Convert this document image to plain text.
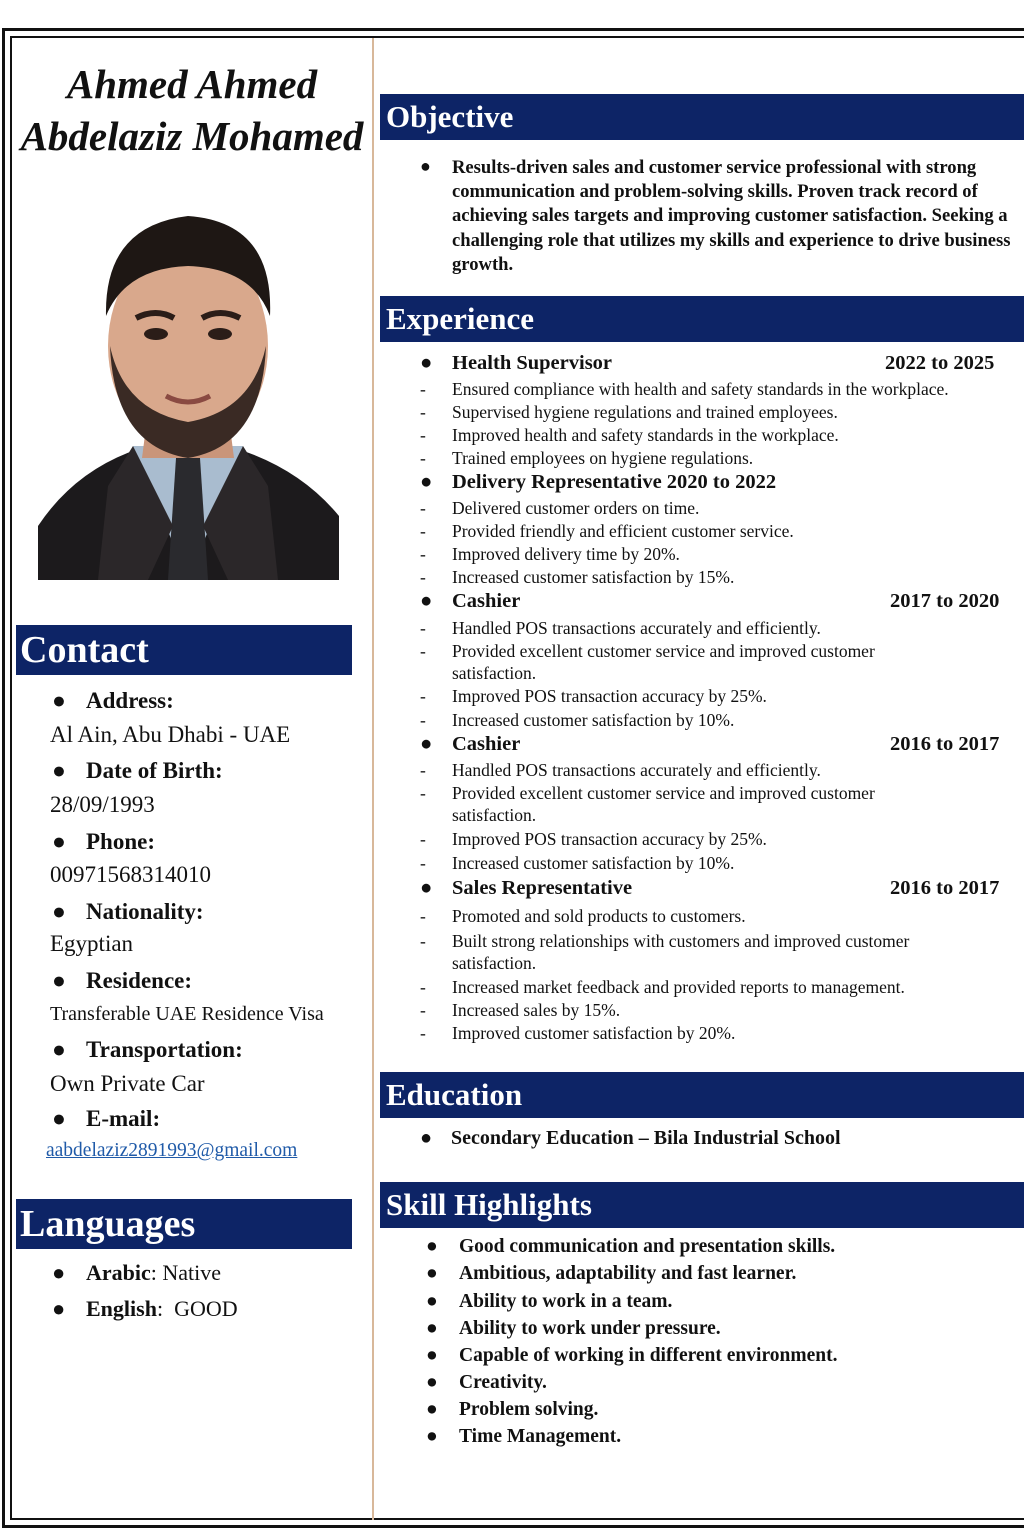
Ahmed Ahmed
Abdelaziz Mohamed
Contact
● Address:
Al Ain, Abu Dhabi - UAE
● Date of Birth:
28/09/1993
● Phone:
00971568314010
● Nationality:
Egyptian
● Residence:
Transferable UAE Residence Visa
● Transportation:
Own Private Car
● E-mail:
aabdelaziz2891993@gmail.com
Languages
● Arabic: Native
● English:  GOOD
Objective
● Results-driven sales and customer service professional with strong communication and problem-solving skills. Proven track record of achieving sales targets and improving customer satisfaction. Seeking a challenging role that utilizes my skills and experience to drive business growth.
Experience
● Health Supervisor	2022 to 2025
- Ensured compliance with health and safety standards in the workplace.
- Supervised hygiene regulations and trained employees.
- Improved health and safety standards in the workplace.
- Trained employees on hygiene regulations.
● Delivery Representative 2020 to 2022
- Delivered customer orders on time.
- Provided friendly and efficient customer service.
- Improved delivery time by 20%.
- Increased customer satisfaction by 15%.
● Cashier	2017 to 2020
- Handled POS transactions accurately and efficiently.
- Provided excellent customer service and improved customer satisfaction.
- Improved POS transaction accuracy by 25%.
- Increased customer satisfaction by 10%.
● Cashier	2016 to 2017
- Handled POS transactions accurately and efficiently.
- Provided excellent customer service and improved customer satisfaction.
- Improved POS transaction accuracy by 25%.
- Increased customer satisfaction by 10%.
● Sales Representative	2016 to 2017
- Promoted and sold products to customers.
- Built strong relationships with customers and improved customer satisfaction.
- Increased market feedback and provided reports to management.
- Increased sales by 15%.
- Improved customer satisfaction by 20%.
Education
● Secondary Education – Bila Industrial School
Skill Highlights
● Good communication and presentation skills.
● Ambitious, adaptability and fast learner.
● Ability to work in a team.
● Ability to work under pressure.
● Capable of working in different environment.
● Creativity.
● Problem solving.
● Time Management.
